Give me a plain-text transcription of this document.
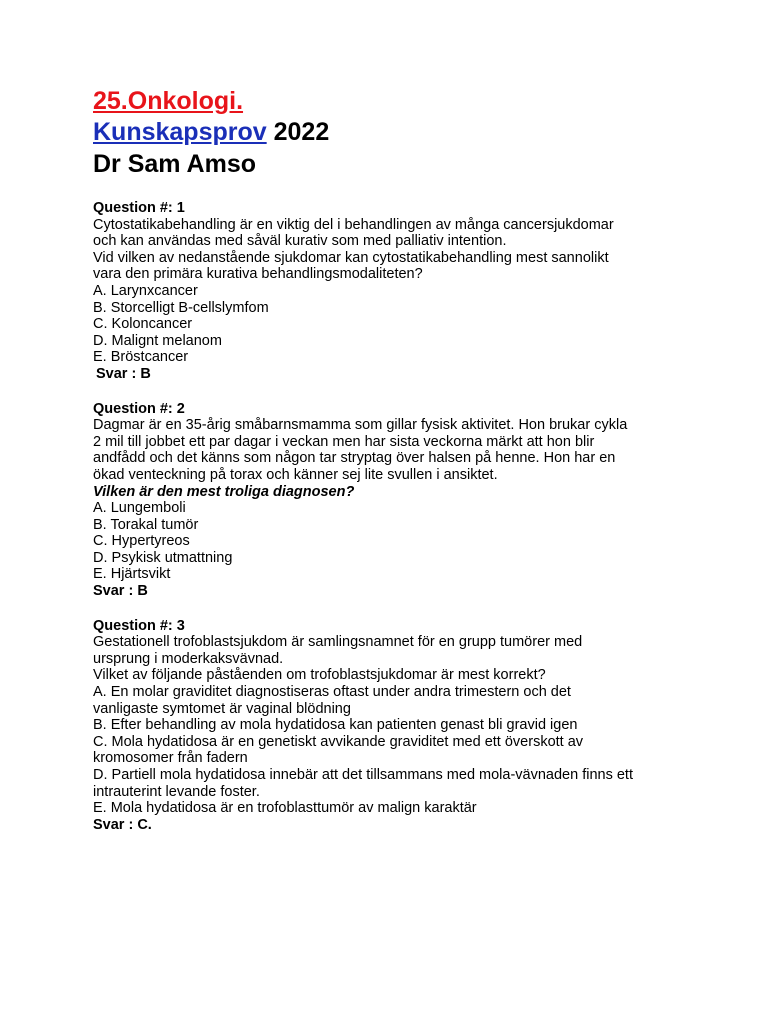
25.Onkologi.
Kunskapsprov 2022
Dr Sam Amso
Question #: 1
Cytostatikabehandling är en viktig del i behandlingen av många cancersjukdomar
och kan användas med såväl kurativ som med palliativ intention.
Vid vilken av nedanstående sjukdomar kan cytostatikabehandling mest sannolikt
vara den primära kurativa behandlingsmodaliteten?
A. Larynxcancer
B. Storcelligt B-cellslymfom
C. Koloncancer
D. Malignt melanom
E. Bröstcancer
Svar : B
Question #: 2
Dagmar är en 35-årig småbarnsmamma som gillar fysisk aktivitet. Hon brukar cykla
2 mil till jobbet ett par dagar i veckan men har sista veckorna märkt att hon blir
andfådd och det känns som någon tar stryptag över halsen på henne. Hon har en
ökad venteckning på torax och känner sej lite svullen i ansiktet.
Vilken är den mest troliga diagnosen?
A. Lungemboli
B. Torakal tumör
C. Hypertyreos
D. Psykisk utmattning
E. Hjärtsvikt
Svar : B
Question #: 3
Gestationell trofoblastsjukdom är samlingsnamnet för en grupp tumörer med
ursprung i moderkaksvävnad.
Vilket av följande påståenden om trofoblastsjukdomar är mest korrekt?
A. En molar graviditet diagnostiseras oftast under andra trimestern och det
vanligaste symtomet är vaginal blödning
B. Efter behandling av mola hydatidosa kan patienten genast bli gravid igen
C. Mola hydatidosa är en genetiskt avvikande graviditet med ett överskott av
kromosomer från fadern
D. Partiell mola hydatidosa innebär att det tillsammans med mola-vävnaden finns ett
intrauterint levande foster.
E. Mola hydatidosa är en trofoblasttumör av malign karaktär
Svar : C.
